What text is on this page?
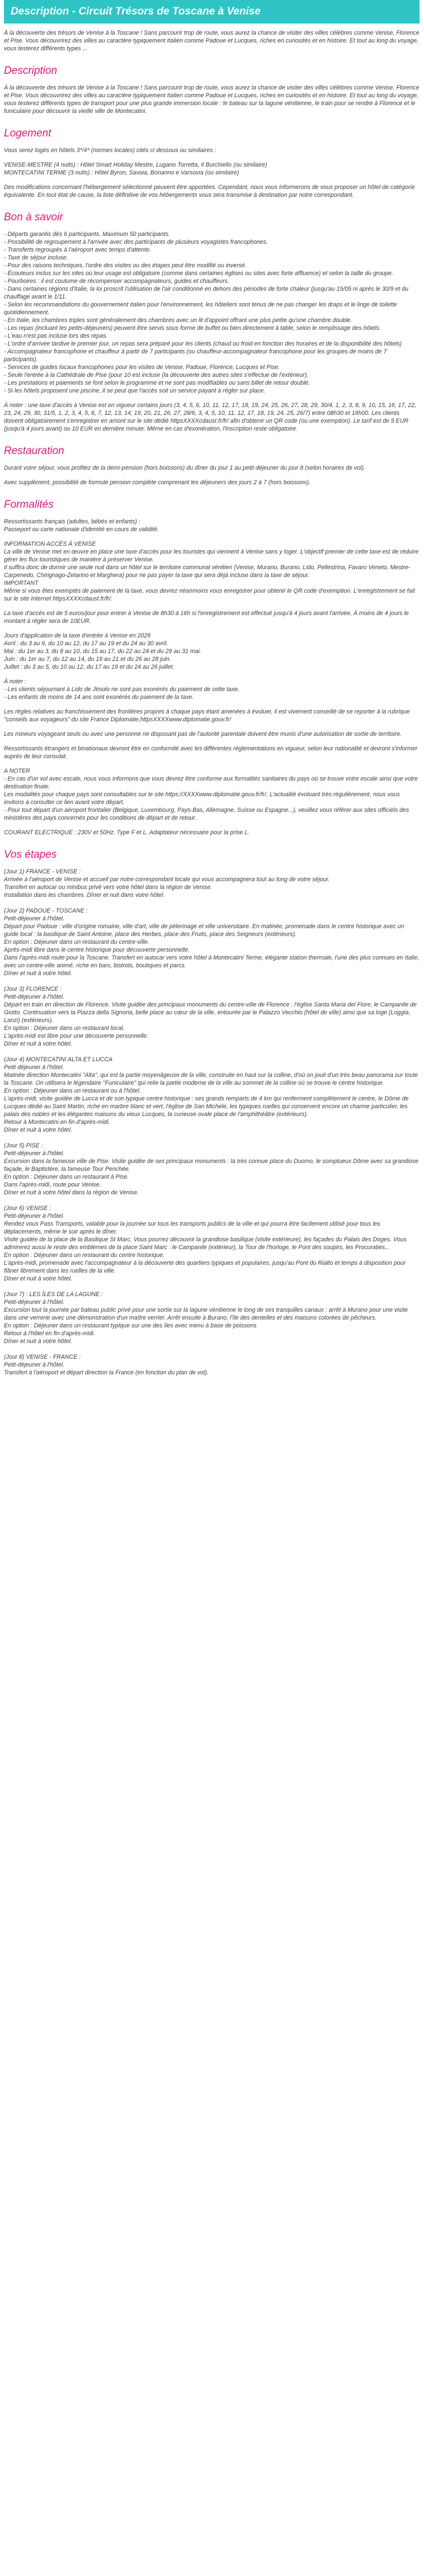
Description - Circuit Trésors de Toscane à Venise

À la découverte des trésors de Venise à la Toscane ! Sans parcourir trop de route, vous aurez la chance de visiter des villes célèbres comme Venise, Florence et Pise. Vous découvrirez des villes au caractère typiquement Italien comme Padoue et Lucques, riches en curiosités et en histoire. Et tout au long du voyage, vous testerez différents types ...

Description

À la découverte des trésors de Venise à la Toscane ! Sans parcourir trop de route, vous aurez la chance de visiter des villes célèbres comme Venise, Florence et Pise. Vous découvrirez des villes au caractère typiquement Italien comme Padoue et Lucques, riches en curiosités et en histoire. Et tout au long du voyage, vous testerez différents types de transport pour une plus grande immersion locale : le bateau sur la lagune vénitienne, le train pour se rendre à Florence et le funiculaire pour découvrir la vieille ville de Montecatini.

Logement

Vous serez logés en hôtels 3*/4* (normes locales) cités ci dessous ou similaires :

VENISE-MESTRE (4 nuits) : Hôtel Smart Holiday Mestre, Lugano Torretta, Il Burchiello (ou similaire)
MONTECATINI TERME (3 nuits) : Hôtel Byron, Savoia, Bonanno e Varsovia (ou similaire)

Des modifications concernant l'hébergement sélectionné peuvent être apportées. Cependant, nous vous informerons de vous proposer un hôtel de catégorie équivalente. En tout état de cause, la liste définitive de vos hébergements vous sera transmise à destination par notre correspondant.

Bon à savoir

- Départs garantis dès 6 participants. Maximum 50 participants.

- Possibilité de regroupement à l'arrivée avec des participants de plusieurs voyagistes francophones.

- Transferts regroupés à l'aéroport avec temps d'attente.

- Taxe de séjour incluse.

- Pour des raisons techniques, l'ordre des visites ou des étapes peut être modifié ou inversé.

- Écouteurs inclus sur les sites où leur usage est obligatoire (comme dans certaines églises ou sites avec forte affluence) et selon la taille du groupe.

- Pourboires : il est coutume de récompenser accompagnateurs, guides et chauffeurs.

- Dans certaines régions d'Italie, la loi proscrit l'utilisation de l'air conditionné en dehors des périodes de forte chaleur (jusqu'au 15/05 ni après le 30/9 et du chauffage avant le 1/11.

- Selon les recommandations du gouvernement italien pour l'environnement, les hôteliers sont tenus de ne pas changer les draps et le linge de toilette quotidiennement.

- En Italie, les chambres triples sont généralement des chambres avec un lit d'appoint offrant une plus petite qu'une chambre double.

- Les repas (incluant les petits-déjeuners) peuvent être servis sous forme de buffet ou bien directement à table, selon le remplissage des hôtels.

- L'eau n'est pas incluse lors des repas.

- L'ordre d'arrivée tardive le premier jour, un repas sera préparé pour les clients (chaud ou froid en fonction des horaires et de la disponibilité des hôtels)

- Accompagnateur francophone et chauffeur à partir de 7 participants (ou chauffeur-accompagnateur francophone pour les groupes de moins de 7 participants).

- Services de guides locaux francophones pour les visites de Venise, Padoue, Florence, Lucques et Pise.

- Seule l'entrée à la Cathédrale de Pise (pour 10 est incluse (la découverte des autres sites s'effectue de l'extérieur).

- Les prestations et paiements se font selon le programme et ne sont pas modifiables ou sans billet de retour doublé.

- Si les hôtels proposent une piscine, il se peut que l'accès soit un service payant à régler sur place.

À noter : une taxe d'accès à Venise est en vigueur certains jours (3, 4, 5, 6, 10, 11, 12, 17, 18, 19, 24, 25, 26, 27, 28, 29, 30/4, 1, 2, 3, 8, 9, 10, 15, 16, 17, 22, 23, 24, 29, 30, 31/5, 1, 2, 3, 4, 5, 6, 7, 12, 13, 14, 19, 20, 21, 26, 27, 28/6, 3, 4, 5, 10, 11, 12, 17, 18, 19, 24, 25, 26/7) entre 08h30 et 16h00. Les clients doivent obligatoirement s'enregistrer en amont sur le site dédié httpsXXXXcdaust.fr/fr/ afin d'obtenir un QR code (ou une exemption). Le tarif est de 5 EUR (jusqu'à 4 jours avant) ou 10 EUR en dernière minute. Même en cas d'exonération, l'inscription reste obligatoire.

Restauration

Durant votre séjour, vous profitez de la demi-pension (hors boissons) du dîner du jour 1 au petit déjeuner du jour 8 (selon horaires de vol).

Avec supplément, possibilité de formule pension complète comprenant les déjeuners des jours 2 à 7 (hors boissons).

Formalités

Ressortissants français (adultes, bébés et enfants) :
Passeport ou carte nationale d'identité en cours de validité.

INFORMATION ACCÈS À VENISE
La ville de Venise met en œuvre en place une taxe d'accès pour les touristes qui viennent à Venise sans y loger. L'objectif premier de cette taxe est de réduire gérer les flux touristiques de manière à préserver Venise.
Il suffira donc de dormir une seule nuit dans un hôtel sur le territoire communal vénitien (Venise, Murano, Burano, Lido, Pellestrina, Favaro Veneto, Mestre-Carpenedo, Chirignago-Zelarino et Marghera) pour ne pas payer la taxe qui sera déjà incluse dans la taxe de séjour.
IMPORTANT
Même si vous êtes exemptés de paiement de la taxe, vous devrez néanmoins vous enregistrer pour obtenir le QR code d'exemption. L'enregistrement se fait sur le site Internet httpsXXXXcdaust.fr/fr/.

La taxe d'accès est de 5 euros/jour pour entrer à Venise de 8h30 à 16h si l'enregistrement est effectué jusqu'à 4 jours avant l'arrivée, À moins de 4 jours le montant à régler sera de 10EUR.

Jours d'application de la taxe d'entrée à Venise en 2026
Avril : du 3 au 6, du 10 au 12, du 17 au 19 et du 24 au 30 avril.
Mai : du 1er au 3, du 8 au 10, du 15 au 17, du 22 au 24 et du 29 au 31 mai.
Juin : du 1er au 7, du 12 au 14, du 19 au 21 et du 26 au 28 juin.
Juillet : du 3 au 5, du 10 au 12, du 17 au 19 et du 24 au 26 juillet.

À noter :
- Les clients séjournant à Lido de Jésolo ne sont pas exonérés du paiement de cette taxe.
- Les enfants de moins de 14 ans sont exonérés du paiement de la taxe.

Les règles relatives au franchissement des frontières propres à chaque pays étant amenées à évoluer, il est vivement conseillé de se reporter à la rubrique "conseils aux voyageurs" du site France Diplomatie,httpsXXXXwww.diplomatie.gouv.fr/

Les mineurs voyageant seuls ou avec une personne ne disposant pas de l'autorité parentale doivent être munis d'une autorisation de sortie de territoire.

Ressortissants étrangers et binationaux devront être en conformité avec les différentes réglementations en vigueur, selon leur nationalité et devront s'informer auprès de leur consulat.

A NOTER
- En cas d'un vol avec escale, nous vous informons que vous devrez être conforme aux formalités sanitaires du pays où se trouve votre escale ainsi que votre destination finale.
Les modalités pour chaque pays sont consultables sur le site https://XXXXwww.diplomatie.gouv.fr/fr/. L'actualité évoluant très régulièrement, nous vous invitons à consulter ce lien avant votre départ.
- Pour tout départ d'un aéroport frontalier (Belgique, Luxembourg, Pays-Bas, Allemagne, Suisse ou Espagne...), veuillez vous référer aux sites officiels des ministères des pays concernés pour les conditions de départ et de retour.

COURANT ELECTRIQUE : 230V et 50Hz. Type F et L. Adaptateur nécessaire pour la prise L.

Vos étapes

(Jour 1) FRANCE - VENISE :
Arrivée à l'aéroport de Venise et accueil par notre correspondant locale qui vous accompagnera tout au long de votre séjour.
Transfert en autocar ou minibus privé vers votre hôtel dans la région de Venise.
Installation dans les chambres. Dîner et nuit dans votre hôtel.

(Jour 2) PADOUE - TOSCANE :
Petit-déjeuner à l'hôtel.
Départ pour Padoue : ville d'origine romaine, ville d'art, ville de pèlerinage et ville universitaire. En matinée, promenade dans le centre historique avec un guide local : la basilique de Saint Antoine, place des Herbes, place des Fruits, place des Seigneurs (extérieurs).
En option : Déjeuner dans un restaurant du centre-ville.
Après-midi libre dans le centre historique pour découverte personnelle.
Dans l'après-midi route pour la Toscane. Transfert en autocar vers votre hôtel à Montecatini Terme, élégante station thermale, l'une des plus connues en Italie, avec un centre-ville animé, riche en bars, bistrots, boutiques et parcs.
Dîner et nuit à votre hôtel.

(Jour 3) FLORENCE :
Petit-déjeuner à l'hôtel.
Départ en train en direction de Florence. Visite guidée des principaux monuments du centre-ville de Florence : l'église Santa Maria del Fiore, le Campanile de Giotto. Continuation vers la Piazza della Signoria, belle place au cœur de la ville, entourée par le Palazzo Vecchio (hôtel de ville) ainsi que sa loge (Loggia, Lanzi) (extérieurs).
En option : Déjeuner dans un restaurant local.
L'après-midi est libre pour une découverte personnelle.
Dîner et nuit à votre hôtel.

(Jour 4) MONTECATINI ALTA ET LUCCA
Petit déjeuner à l'hôtel.
Matinée direction Montecatini "Alta", qui est la partie moyenâgeuse de la ville, construite en haut sur la colline, d'où on jouit d'un très beau panorama sur toute la Toscane. On utilisera le légendaire "Funiculaire" qui relie la partie moderne de la ville au sommet de la colline où se trouve le centre historique.
En option : Déjeuner dans un restaurant ou à l'hôtel.
L'après-midi, visite guidée de Lucca et de son typique centre historique : ses grands remparts de 4 km qui renferment complètement le centre, le Dôme de Lucques dédié au Saint Martin, riche en marbre blanc et vert, l'église de San Michele, les typiques ruelles qui conservent encore un charme particulier, les palais des nobles et les élégantes maisons du vieux Lucques, la curieuse ovale place de l'amphithéâtre (extérieurs).
Retour à Montecatini en fin d'après-midi.
Dîner et nuit à votre hôtel.

(Jour 5) PISE :
Petit-déjeuner à l'hôtel.
Excursion dans la fameuse ville de Pise. Visite guidée de ses principaux monuments : la très connue place du Duomo, le somptueux Dôme avec sa grandiose façade, le Baptistère, la fameuse Tour Penchée.
En option : Déjeuner dans un restaurant à Pise.
Dans l'après-midi, route pour Venise.
Dîner et nuit à votre hôtel dans la région de Venise.

(Jour 6) VENISE :
Petit-déjeuner à l'hôtel.
Rendez vous Pass Transports, valable pour la journée sur tous les transports publics de la ville et qui pourra être facilement utilisé pour tous les déplacements, même le soir après le dîner.
Visite guidée de la place de la Basilique St Marc. Vous pourrez découvrir la grandiose basilique (visite extérieure), les façades du Palais des Doges. Vous admirerez aussi le reste des emblèmes de la place Saint Marc : le Campanile (extérieur), la Tour de l'horloge, le Pont des soupirs, les Procuraties...
En option : Déjeuner dans un restaurant du centre historique.
L'après-midi, promenade avec l'accompagnateur à la découverte des quartiers typiques et populaires, jusqu'au Pont du Rialto et temps à disposition pour flâner librement dans les ruelles de la ville.
Dîner et nuit à votre hôtel.

(Jour 7) : LES ÎLES DE LA LAGUNE :
Petit-déjeuner à l'hôtel.
Excursion tout la journée par bateau public privé pour une sortie sur la lagune vénitienne le long de ses tranquilles canaux : arrêt à Murano pour une visite dans une verrerie avec une démonstration d'un maître verrier. Arrêt ensuite à Burano, l'île des dentelles et des maisons colorées de pêcheurs.
En option : Déjeuner dans un restaurant typique sur une des îles avec menu à base de poissons
Retour à l'hôtel en fin d'après-midi.
Dîner et nuit à votre hôtel.

(Jour 8) VENISE - FRANCE :
Petit-déjeuner à l'hôtel.
Transfert à l'aéroport et départ direction la France (en fonction du plan de vol).
